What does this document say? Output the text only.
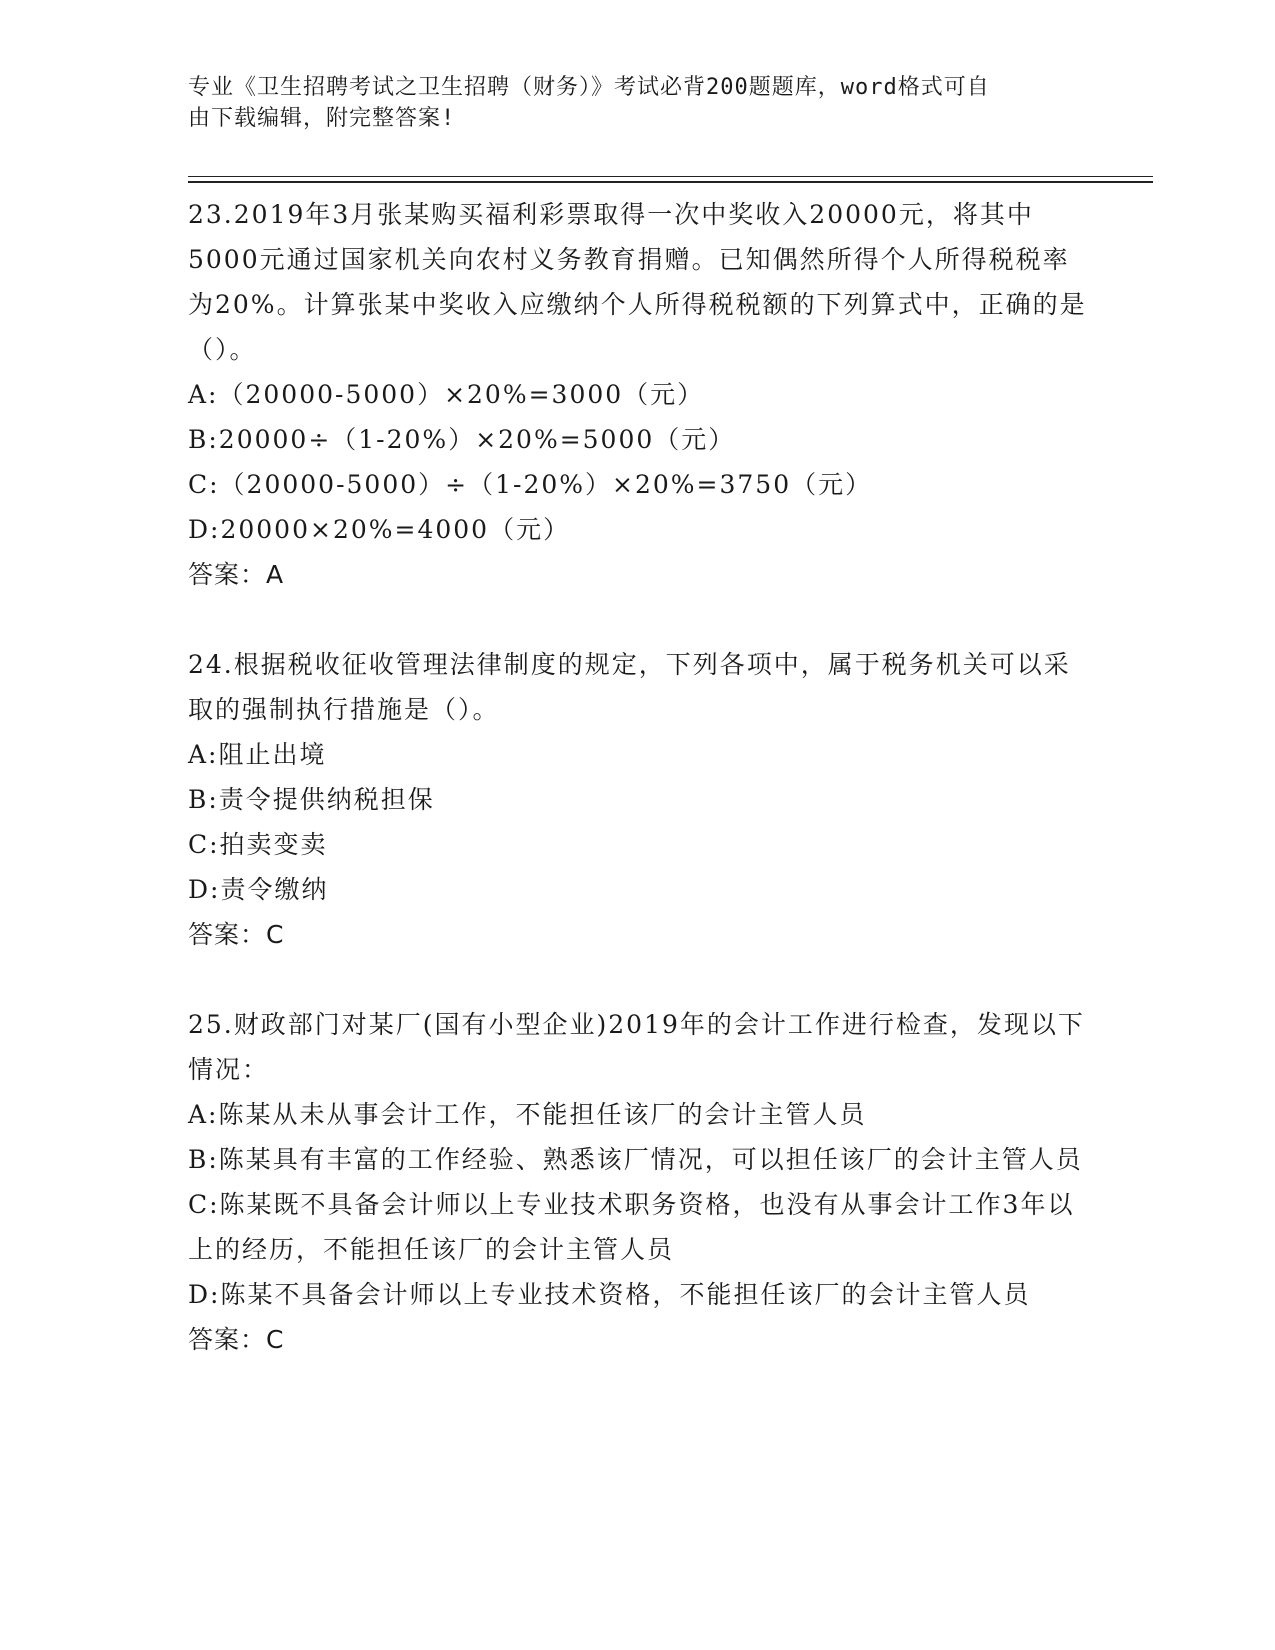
专业《卫生招聘考试之卫生招聘（财务）》考试必背200题题库，word格式可自
由下载编辑，附完整答案!

23.2019年3月张某购买福利彩票取得一次中奖收入20000元，将其中5000元通过国家机关向农村义务教育捐赠。已知偶然所得个人所得税税率为20%。计算张某中奖收入应缴纳个人所得税税额的下列算式中，正确的是（）。

A:（20000-5000）×20%=3000（元）

B:20000÷（1-20%）×20%=5000（元）

C:（20000-5000）÷（1-20%）×20%=3750（元）

D:20000×20%=4000（元）

答案：A

24.根据税收征收管理法律制度的规定，下列各项中，属于税务机关可以采取的强制执行措施是（）。

A:阻止出境

B:责令提供纳税担保

C:拍卖变卖

D:责令缴纳

答案：C

25.财政部门对某厂(国有小型企业)2019年的会计工作进行检查，发现以下情况：

A:陈某从未从事会计工作，不能担任该厂的会计主管人员

B:陈某具有丰富的工作经验、熟悉该厂情况，可以担任该厂的会计主管人员

C:陈某既不具备会计师以上专业技术职务资格，也没有从事会计工作3年以上的经历，不能担任该厂的会计主管人员

D:陈某不具备会计师以上专业技术资格，不能担任该厂的会计主管人员

答案：C
